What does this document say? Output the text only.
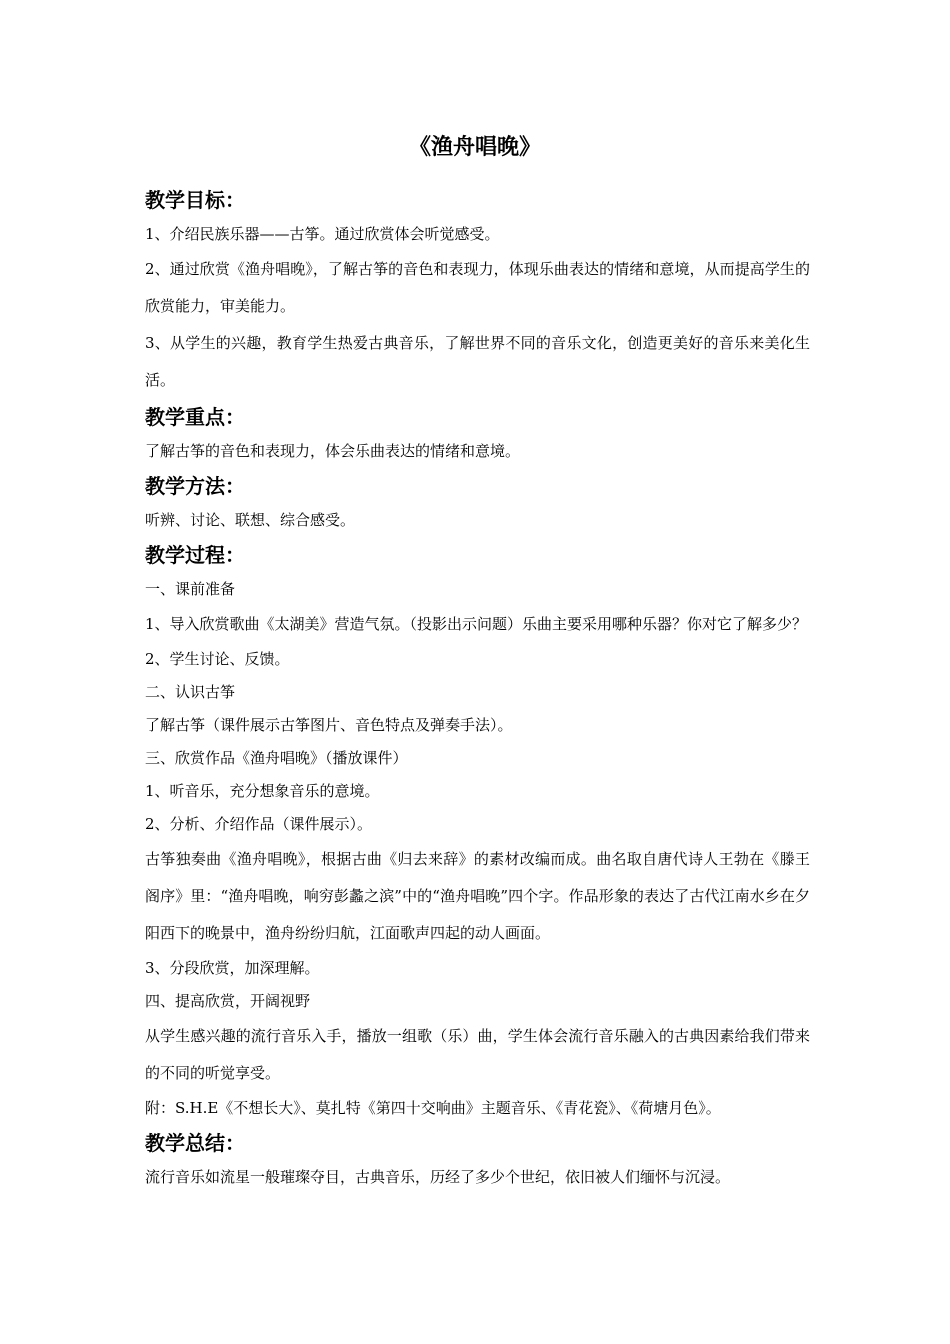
《渔舟唱晚》
教学目标：

1、介绍民族乐器——古筝。通过欣赏体会听觉感受。

2、通过欣赏《渔舟唱晚》，了解古筝的音色和表现力，体现乐曲表达的情绪和意境，从而提高学生的欣赏能力，审美能力。

3、从学生的兴趣，教育学生热爱古典音乐，了解世界不同的音乐文化，创造更美好的音乐来美化生活。

教学重点：

了解古筝的音色和表现力，体会乐曲表达的情绪和意境。

教学方法：

听辨、讨论、联想、综合感受。

教学过程：

一、课前准备

1、导入欣赏歌曲《太湖美》营造气氛。（投影出示问题）乐曲主要采用哪种乐器？你对它了解多少？

2、学生讨论、反馈。

二、认识古筝

了解古筝（课件展示古筝图片、音色特点及弹奏手法）。

三、欣赏作品《渔舟唱晚》（播放课件）

1、听音乐，充分想象音乐的意境。

2、分析、介绍作品（课件展示）。

古筝独奏曲《渔舟唱晚》，根据古曲《归去来辞》的素材改编而成。曲名取自唐代诗人王勃在《滕王阁序》里：“渔舟唱晚，响穷彭蠡之滨”中的“渔舟唱晚”四个字。作品形象的表达了古代江南水乡在夕阳西下的晚景中，渔舟纷纷归航，江面歌声四起的动人画面。

3、分段欣赏，加深理解。

四、提高欣赏，开阔视野

从学生感兴趣的流行音乐入手，播放一组歌（乐）曲，学生体会流行音乐融入的古典因素给我们带来的不同的听觉享受。

附：S.H.E《不想长大》、莫扎特《第四十交响曲》主题音乐、《青花瓷》、《荷塘月色》。

教学总结：

流行音乐如流星一般璀璨夺目，古典音乐，历经了多少个世纪，依旧被人们缅怀与沉浸。
